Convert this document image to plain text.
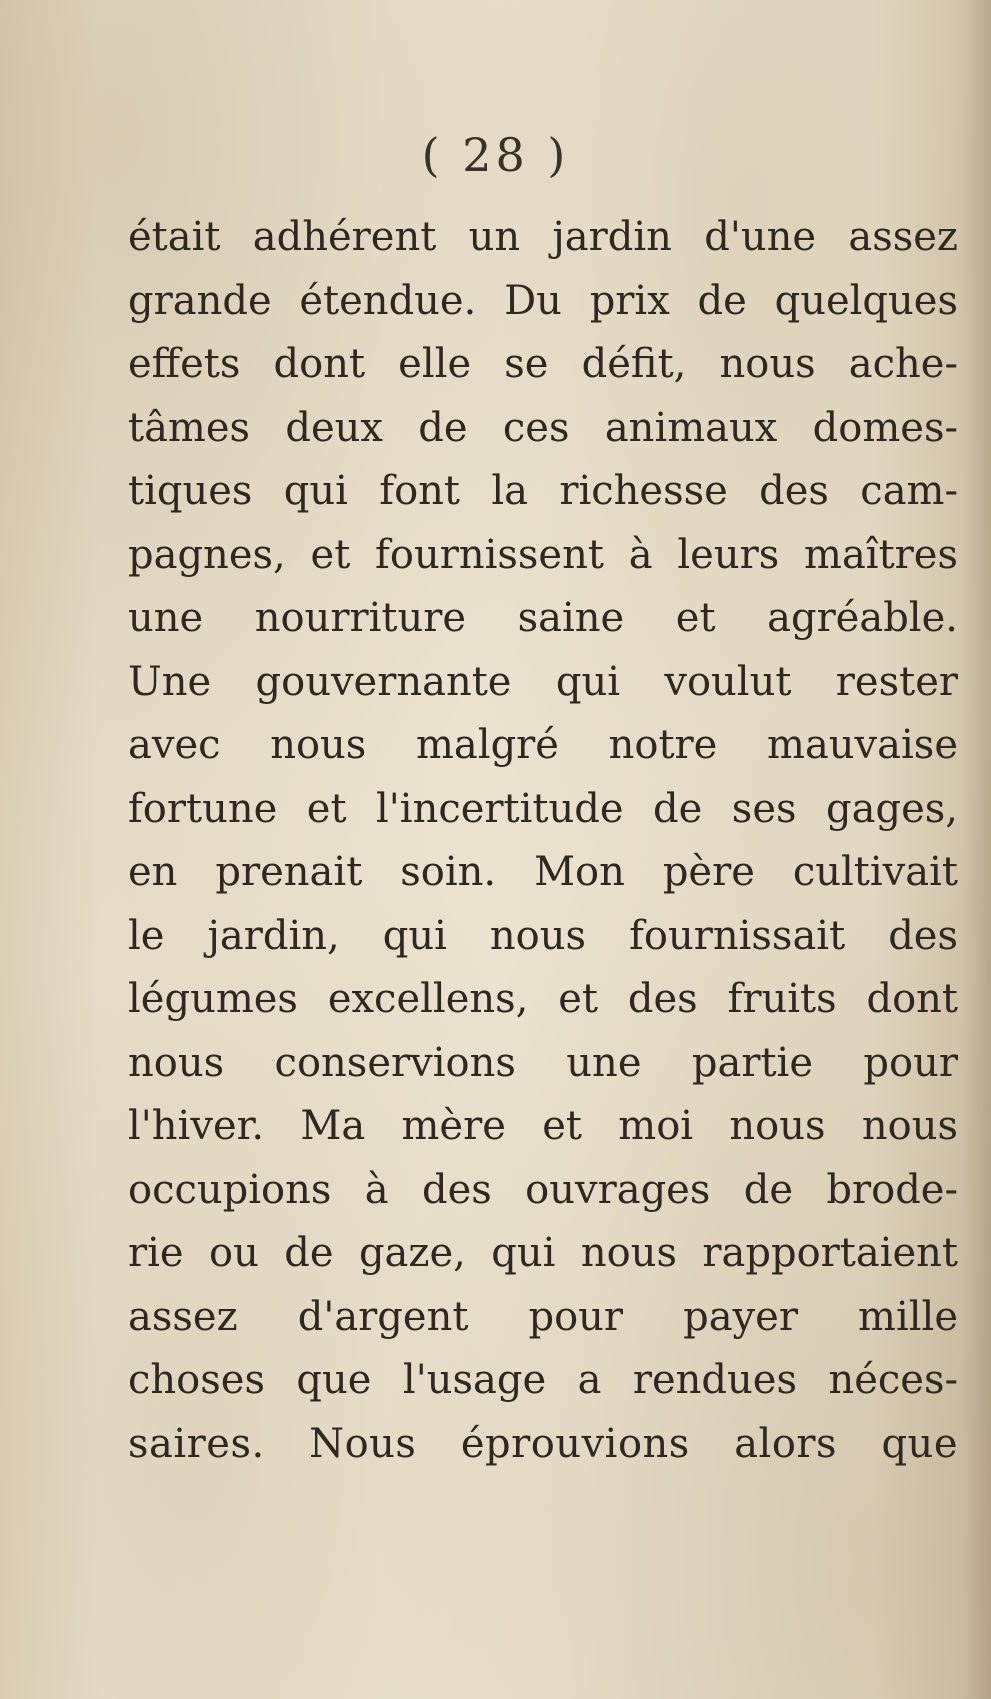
( 28 )
était adhérent un jardin d'une assez
grande étendue. Du prix de quelques
effets dont elle se défit, nous ache-
tâmes deux de ces animaux domes-
tiques qui font la richesse des cam-
pagnes, et fournissent à leurs maîtres
une nourriture saine et agréable.
Une gouvernante qui voulut rester
avec nous malgré notre mauvaise
fortune et l'incertitude de ses gages,
en prenait soin. Mon père cultivait
le jardin, qui nous fournissait des
légumes excellens, et des fruits dont
nous conservions une partie pour
l'hiver. Ma mère et moi nous nous
occupions à des ouvrages de brode-
rie ou de gaze, qui nous rapportaient
assez d'argent pour payer mille
choses que l'usage a rendues néces-
saires. Nous éprouvions alors que
